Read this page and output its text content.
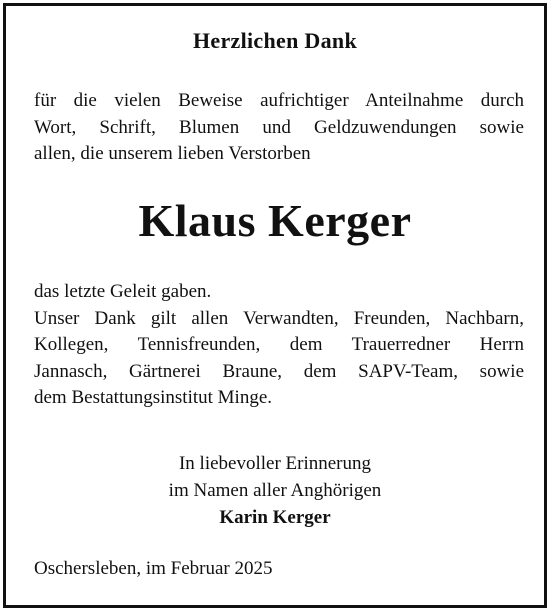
Herzlichen Dank
für die vielen Beweise aufrichtiger Anteilnahme durch
Wort, Schrift, Blumen und Geldzuwendungen sowie
allen, die unserem lieben Verstorben
Klaus Kerger
das letzte Geleit gaben.
Unser Dank gilt allen Verwandten, Freunden, Nachbarn,
Kollegen, Tennisfreunden, dem Trauerredner Herrn
Jannasch, Gärtnerei Braune, dem SAPV-Team, sowie
dem Bestattungsinstitut Minge.
In liebevoller Erinnerung
im Namen aller Anghörigen
Karin Kerger
Oschersleben, im Februar 2025
